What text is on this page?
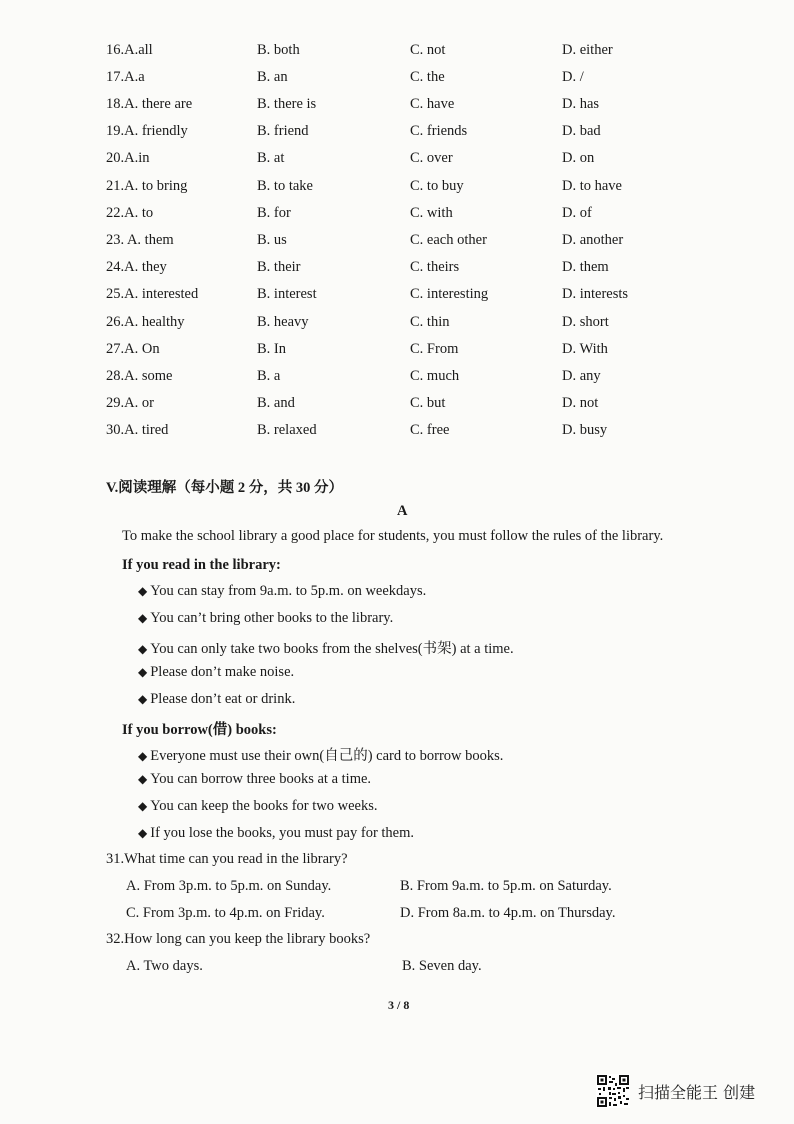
16.A.all	B. both	C. not	D. either
17.A.a	B. an	C. the	D. /
18.A. there are	B. there is	C. have	D. has
19.A. friendly	B. friend	C. friends	D. bad
20.A.in	B. at	C. over	D. on
21.A. to bring	B. to take	C. to buy	D. to have
22.A. to	B. for	C. with	D. of
23. A. them	B. us	C. each other	D. another
24.A. they	B. their	C. theirs	D. them
25.A. interested	B. interest	C. interesting	D. interests
26.A. healthy	B. heavy	C. thin	D. short
27.A. On	B. In	C. From	D. With
28.A. some	B. a	C. much	D. any
29.A. or	B. and	C. but	D. not
30.A. tired	B. relaxed	C. free	D. busy
V.阅读理解（每小题 2 分，共 30 分）
A
To make the school library a good place for students, you must follow the rules of the library.
If you read in the library:
◆ You can stay from 9a.m. to 5p.m. on weekdays.
◆ You can’t bring other books to the library.
◆ You can only take two books from the shelves(书架) at a time.
◆ Please don’t make noise.
◆ Please don’t eat or drink.
If you borrow(借) books:
◆ Everyone must use their own(自己的) card to borrow books.
◆ You can borrow three books at a time.
◆ You can keep the books for two weeks.
◆ If you lose the books, you must pay for them.
31.What time can you read in the library?
A. From 3p.m. to 5p.m. on Sunday.	B. From 9a.m. to 5p.m. on Saturday.
C. From 3p.m. to 4p.m. on Friday.	D. From 8a.m. to 4p.m. on Thursday.
32.How long can you keep the library books?
A. Two days.	B. Seven day.
3 / 8
扫描全能王 创建
